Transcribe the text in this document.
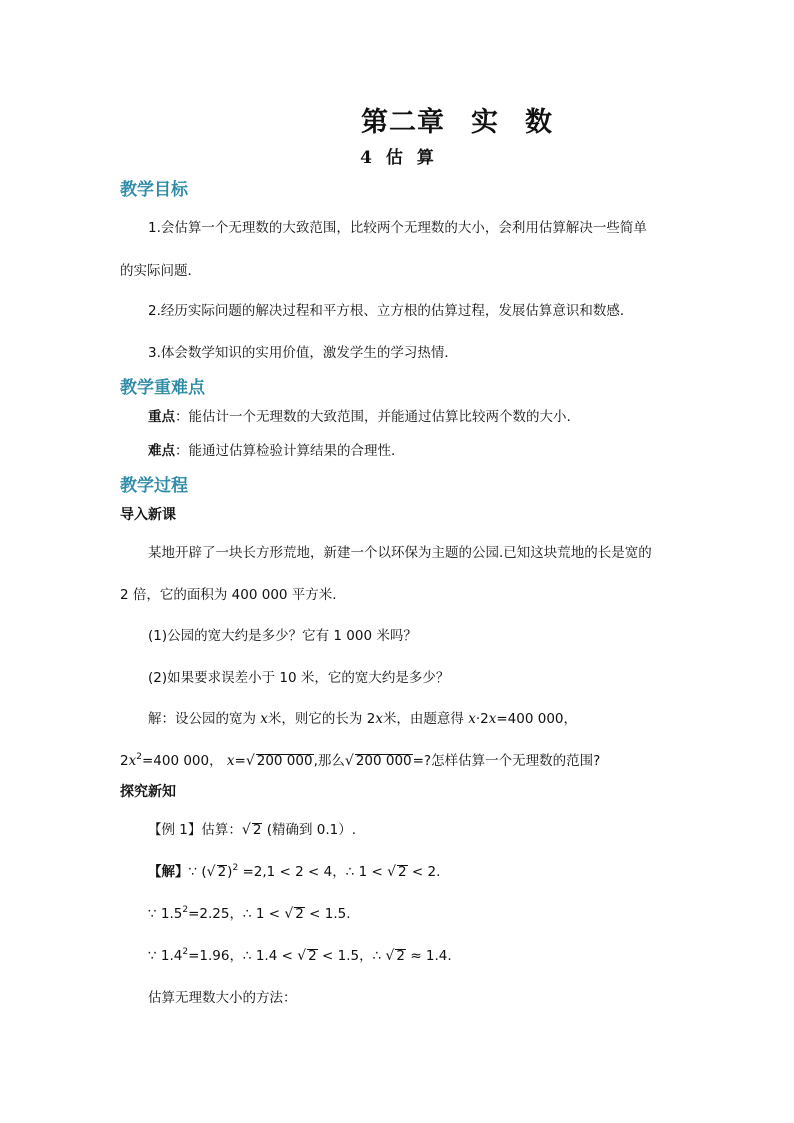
第二章 实 数
4 估 算
教学目标
1.会估算一个无理数的大致范围，比较两个无理数的大小，会利用估算解决一些简单
的实际问题．
2.经历实际问题的解决过程和平方根、立方根的估算过程，发展估算意识和数感．
3.体会数学知识的实用价值，激发学生的学习热情．
教学重难点
重点：能估计一个无理数的大致范围，并能通过估算比较两个数的大小.
难点：能通过估算检验计算结果的合理性.
教学过程
导入新课
某地开辟了一块长方形荒地，新建一个以环保为主题的公园.已知这块荒地的长是宽的
2 倍，它的面积为 400 000 平方米.
(1)公园的宽大约是多少？它有 1 000 米吗？
(2)如果要求误差小于 10 米，它的宽大约是多少？
解：设公园的宽为 x米，则它的长为 2x米，由题意得 x·2x=400 000，
$2x^2=400$ 000， x=√ 200 000,那么√ 200 000=?怎样估算一个无理数的范围?
探究新知
【例 1】估算：√ 2 (精确到 0.1）.
【解】∵ (√ 2)$^2$ =2,1 < 2 < 4，∴ 1 < √ 2 < 2.
∵ $1.5^2=2.25$，∴ 1 < √ 2 < 1.5.
∵ $1.4^2=1.96$，∴ 1.4 < √ 2 < 1.5，∴ √ 2 ≈ 1.4.
估算无理数大小的方法：
